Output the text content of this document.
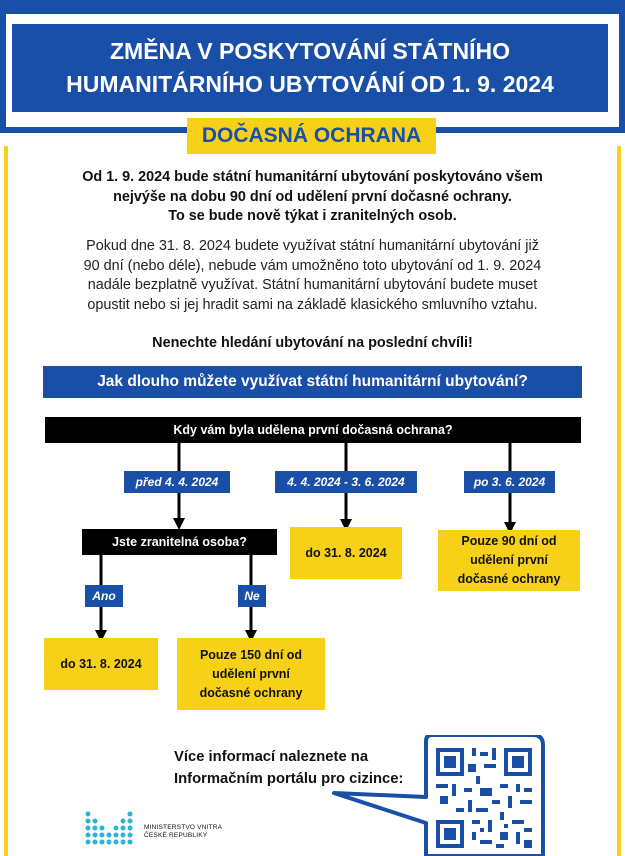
ZMĚNA V POSKYTOVÁNÍ STÁTNÍHO
HUMANITÁRNÍHO UBYTOVÁNÍ OD 1. 9. 2024
DOČASNÁ OCHRANA
Od 1. 9. 2024 bude státní humanitární ubytování poskytováno všem
nejvýše na dobu 90 dní od udělení první dočasné ochrany.
To se bude nově týkat i zranitelných osob.
Pokud dne 31. 8. 2024 budete využívat státní humanitární ubytování již
90 dní (nebo déle), nebude vám umožněno toto ubytování od 1. 9. 2024
nadále bezplatně využívat. Státní humanitární ubytování budete muset
opustit nebo si jej hradit sami na základě klasického smluvního vztahu.
Nenechte hledání ubytování na poslední chvíli!
Jak dlouho můžete využívat státní humanitární ubytování?
Kdy vám byla udělena první dočasná ochrana?
před 4. 4. 2024	4. 4. 2024 - 3. 6. 2024	po 3. 6. 2024
do 31. 8. 2024
Pouze 90 dní od
udělení první
dočasné ochrany
Jste zranitelná osoba?
Ano	Ne
do 31. 8. 2024
Pouze 150 dní od
udělení první
dočasné ochrany
Více informací naleznete na
Informačním portálu pro cizince:
MINISTERSTVO VNITRA
ČESKÉ REPUBLIKY
